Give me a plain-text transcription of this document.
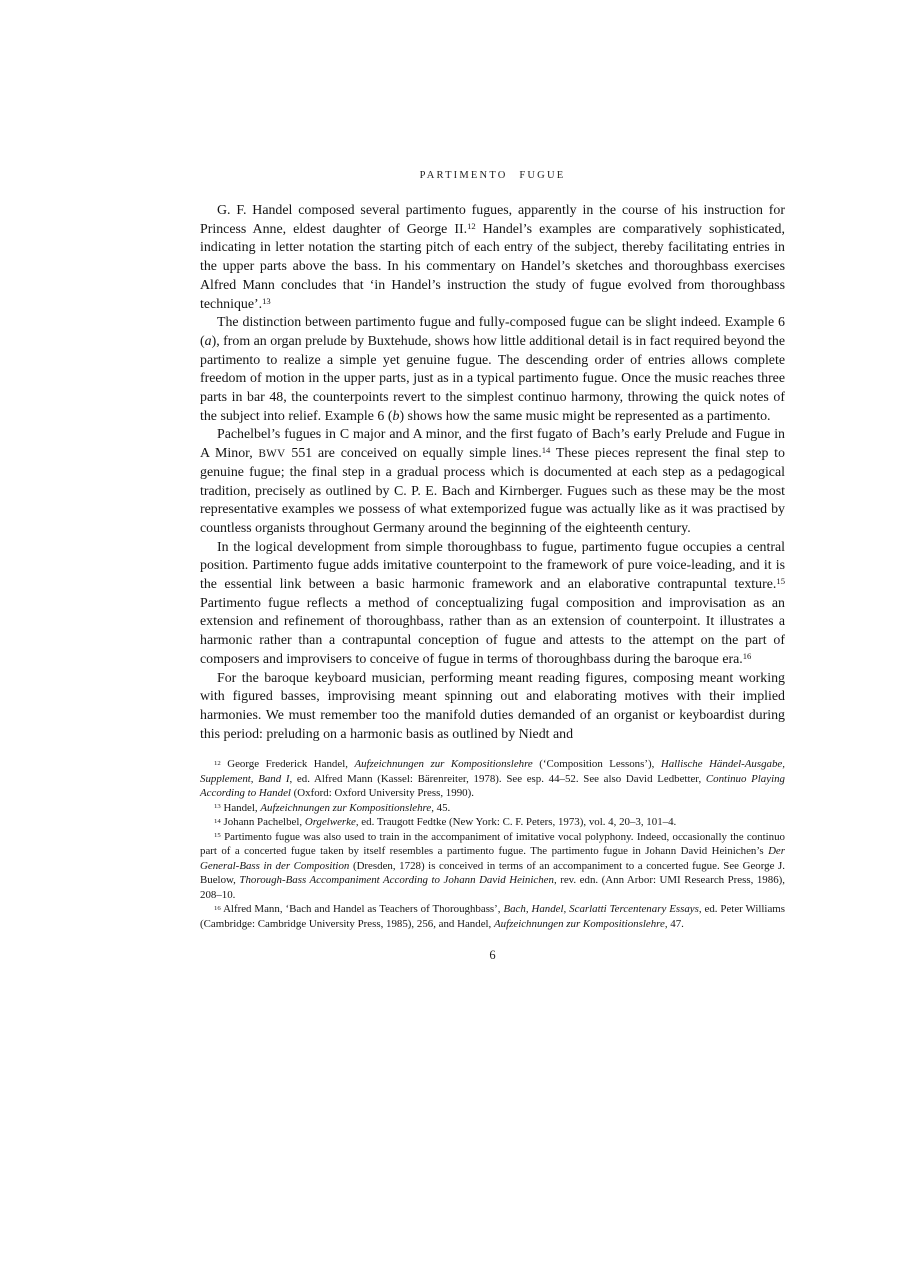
PARTIMENTO FUGUE

G. F. Handel composed several partimento fugues, apparently in the course of his instruction for Princess Anne, eldest daughter of George II.$^{12}$ Handel’s examples are comparatively sophisticated, indicating in letter notation the starting pitch of each entry of the subject, thereby facilitating entries in the upper parts above the bass. In his commentary on Handel’s sketches and thoroughbass exercises Alfred Mann concludes that ‘in Handel’s instruction the study of fugue evolved from thoroughbass technique’.$^{13}$

The distinction between partimento fugue and fully-composed fugue can be slight indeed. Example 6 (a), from an organ prelude by Buxtehude, shows how little additional detail is in fact required beyond the partimento to realize a simple yet genuine fugue. The descending order of entries allows complete freedom of motion in the upper parts, just as in a typical partimento fugue. Once the music reaches three parts in bar 48, the counterpoints revert to the simplest continuo harmony, throwing the quick notes of the subject into relief. Example 6 (b) shows how the same music might be represented as a partimento.

Pachelbel’s fugues in C major and A minor, and the first fugato of Bach’s early Prelude and Fugue in A Minor, BWV 551 are conceived on equally simple lines.$^{14}$ These pieces represent the final step to genuine fugue; the final step in a gradual process which is documented at each step as a pedagogical tradition, precisely as outlined by C. P. E. Bach and Kirnberger. Fugues such as these may be the most representative examples we possess of what extemporized fugue was actually like as it was practised by countless organists throughout Germany around the beginning of the eighteenth century.

In the logical development from simple thoroughbass to fugue, partimento fugue occupies a central position. Partimento fugue adds imitative counterpoint to the framework of pure voice-leading, and it is the essential link between a basic harmonic framework and an elaborative contrapuntal texture.$^{15}$ Partimento fugue reflects a method of conceptualizing fugal composition and improvisation as an extension and refinement of thoroughbass, rather than as an extension of counterpoint. It illustrates a harmonic rather than a contrapuntal conception of fugue and attests to the attempt on the part of composers and improvisers to conceive of fugue in terms of thoroughbass during the baroque era.$^{16}$

For the baroque keyboard musician, performing meant reading figures, composing meant working with figured basses, improvising meant spinning out and elaborating motives with their implied harmonies. We must remember too the manifold duties demanded of an organist or keyboardist during this period: preluding on a harmonic basis as outlined by Niedt and

$^{12}$ George Frederick Handel, Aufzeichnungen zur Kompositionslehre (‘Composition Lessons’), Hallische Händel-Ausgabe, Supplement, Band I, ed. Alfred Mann (Kassel: Bärenreiter, 1978). See esp. 44–52. See also David Ledbetter, Continuo Playing According to Handel (Oxford: Oxford University Press, 1990).

$^{13}$ Handel, Aufzeichnungen zur Kompositionslehre, 45.

$^{14}$ Johann Pachelbel, Orgelwerke, ed. Traugott Fedtke (New York: C. F. Peters, 1973), vol. 4, 20–3, 101–4.

$^{15}$ Partimento fugue was also used to train in the accompaniment of imitative vocal polyphony. Indeed, occasionally the continuo part of a concerted fugue taken by itself resembles a partimento fugue. The partimento fugue in Johann David Heinichen’s Der General-Bass in der Composition (Dresden, 1728) is conceived in terms of an accompaniment to a concerted fugue. See George J. Buelow, Thorough-Bass Accompaniment According to Johann David Heinichen, rev. edn. (Ann Arbor: UMI Research Press, 1986), 208–10.

$^{16}$ Alfred Mann, ‘Bach and Handel as Teachers of Thoroughbass’, Bach, Handel, Scarlatti Tercentenary Essays, ed. Peter Williams (Cambridge: Cambridge University Press, 1985), 256, and Handel, Aufzeichnungen zur Kompositionslehre, 47.

6
